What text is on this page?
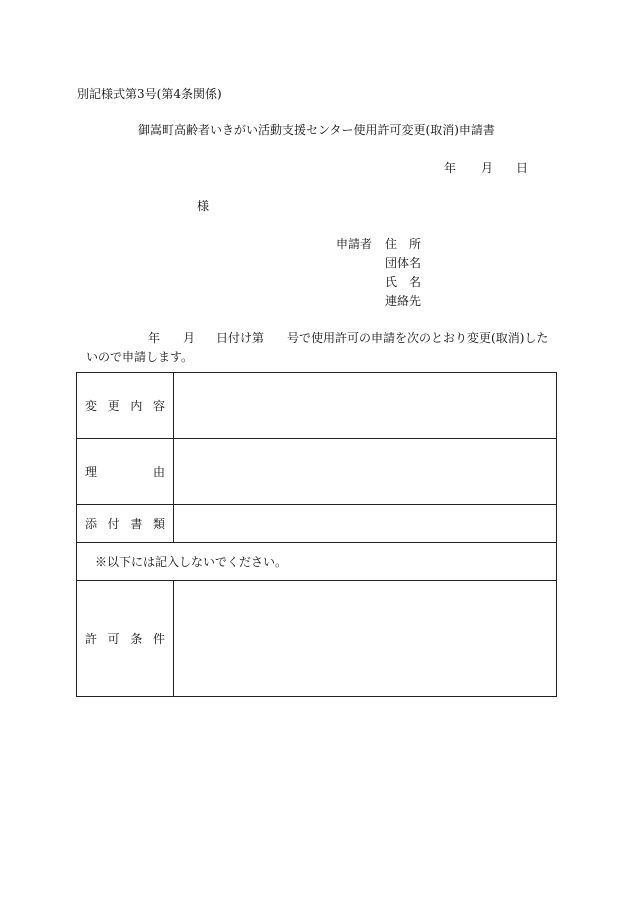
別記様式第3号(第4条関係)
御嵩町高齢者いきがい活動支援センター使用許可変更(取消)申請書
年 月 日
様
申請者 住　所
団体名
氏　名
連絡先
年 月 日付け第 号で使用許可の申請を次のとおり変更(取消)した
いので申請します。
変 更 内 容	

理 由	

添 付 書 類	

※以下には記入しないでください。	

許 可 条 件	
